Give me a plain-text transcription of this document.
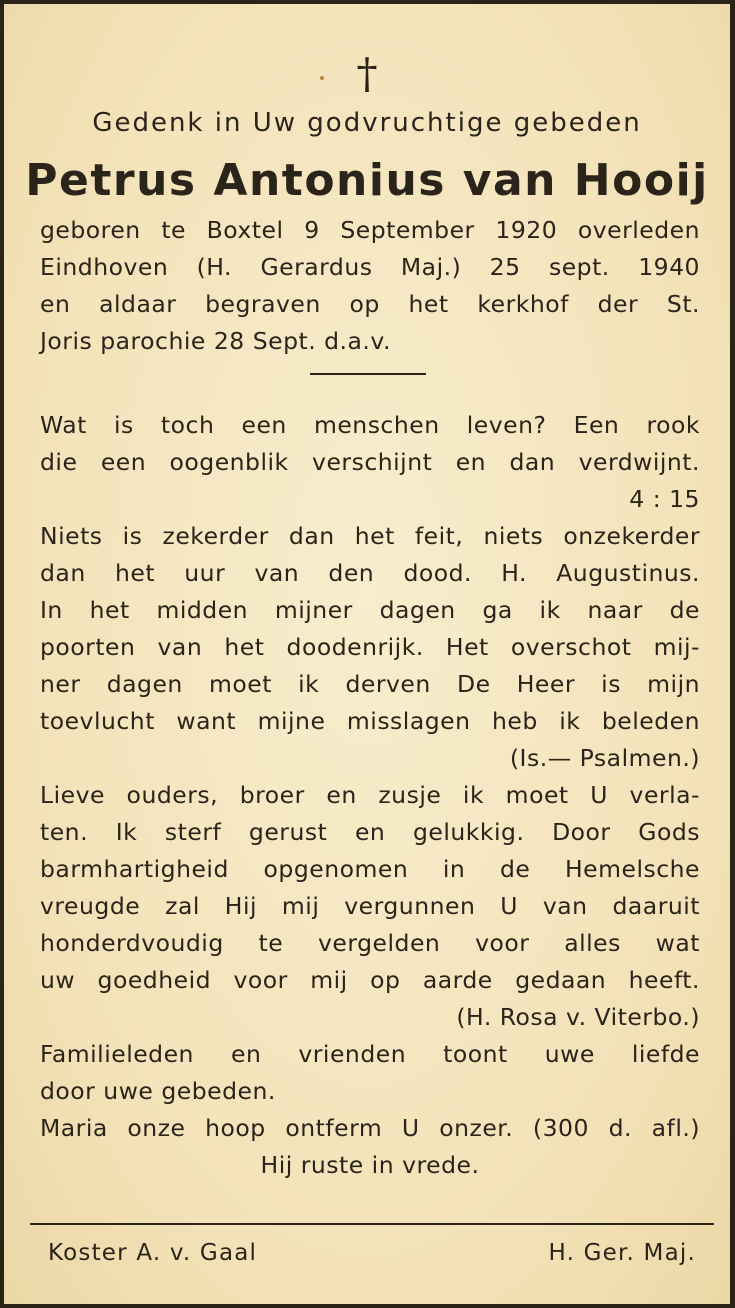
†
Gedenk in Uw godvruchtige gebeden
Petrus Antonius van Hooij
geboren te Boxtel 9 September 1920 overleden
Eindhoven (H. Gerardus Maj.) 25 sept. 1940
en aldaar begraven op het kerkhof der St.
Joris parochie 28 Sept. d.a.v.
Wat is toch een menschen leven? Een rook
die een oogenblik verschijnt en dan verdwijnt.
4 : 15
Niets is zekerder dan het feit, niets onzekerder
dan het uur van den dood. H. Augustinus.
In het midden mijner dagen ga ik naar de
poorten van het doodenrijk. Het overschot mij-
ner dagen moet ik derven De Heer is mijn
toevlucht want mijne misslagen heb ik beleden
(Is.— Psalmen.)
Lieve ouders, broer en zusje ik moet U verla-
ten. Ik sterf gerust en gelukkig. Door Gods
barmhartigheid opgenomen in de Hemelsche
vreugde zal Hij mij vergunnen U van daaruit
honderdvoudig te vergelden voor alles wat
uw goedheid voor mij op aarde gedaan heeft.
(H. Rosa v. Viterbo.)
Familieleden en vrienden toont uwe liefde
door uwe gebeden.
Maria onze hoop ontferm U onzer. (300 d. afl.)
Hij ruste in vrede.
Koster A. v. Gaal	H. Ger. Maj.
